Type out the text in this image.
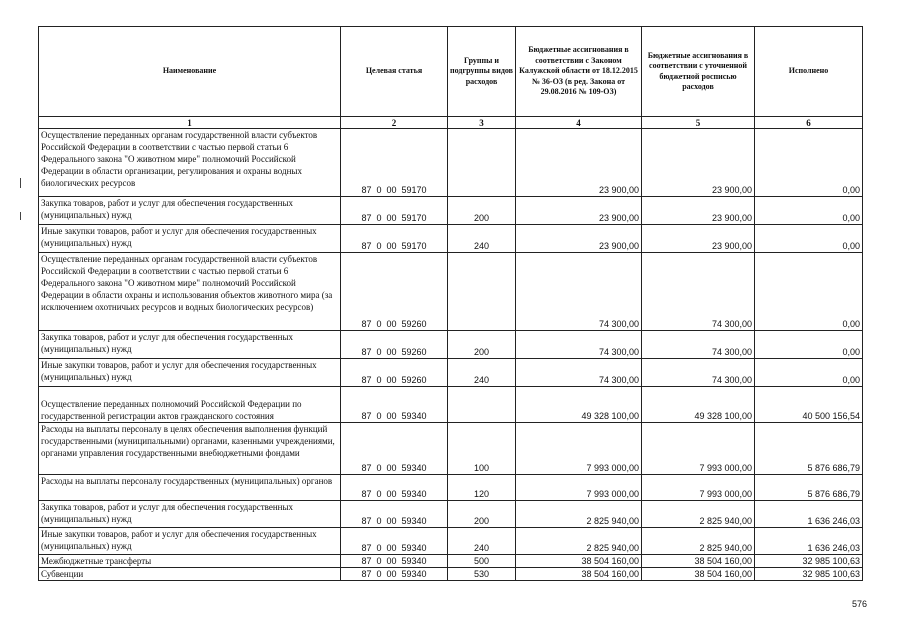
Наименование	Целевая статья	Группы и подгруппы видов расходов	Бюджетные ассигнования в соответствии с Законом Калужской области от 18.12.2015 № 36-ОЗ (в ред. Закона от 29.08.2016 № 109-ОЗ)	Бюджетные ассигнования в соответствии с уточненной бюджетной росписью расходов	Исполнено
1	2	3	4	5	6
Осуществление переданных органам государственной власти субъектов Российской Федерации в соответствии с частью первой статьи 6 Федерального закона "О животном мире" полномочий Российской Федерации в области организации, регулирования и охраны водных биологических ресурсов	87  0  00  59170		23 900,00	23 900,00	0,00
Закупка товаров, работ и услуг для обеспечения государственных (муниципальных) нужд	87  0  00  59170	200	23 900,00	23 900,00	0,00
Иные закупки товаров, работ и услуг для обеспечения государственных (муниципальных) нужд	87  0  00  59170	240	23 900,00	23 900,00	0,00
Осуществление переданных органам государственной власти субъектов Российской Федерации в соответствии с частью первой статьи 6 Федерального закона "О животном мире" полномочий Российской Федерации в области охраны и использования объектов животного мира (за исключением охотничьих ресурсов и водных биологических ресурсов)	87  0  00  59260		74 300,00	74 300,00	0,00
Закупка товаров, работ и услуг для обеспечения государственных (муниципальных) нужд	87  0  00  59260	200	74 300,00	74 300,00	0,00
Иные закупки товаров, работ и услуг для обеспечения государственных (муниципальных) нужд	87  0  00  59260	240	74 300,00	74 300,00	0,00
Осуществление переданных полномочий Российской Федерации по государственной регистрации актов гражданского состояния	87  0  00  59340		49 328 100,00	49 328 100,00	40 500 156,54
Расходы на выплаты персоналу в целях обеспечения выполнения функций государственными (муниципальными) органами, казенными учреждениями, органами управления государственными внебюджетными фондами	87  0  00  59340	100	7 993 000,00	7 993 000,00	5 876 686,79
Расходы на выплаты персоналу государственных (муниципальных) органов	87  0  00  59340	120	7 993 000,00	7 993 000,00	5 876 686,79
Закупка товаров, работ и услуг для обеспечения государственных (муниципальных) нужд	87  0  00  59340	200	2 825 940,00	2 825 940,00	1 636 246,03
Иные закупки товаров, работ и услуг для обеспечения государственных (муниципальных) нужд	87  0  00  59340	240	2 825 940,00	2 825 940,00	1 636 246,03
Межбюджетные трансферты	87  0  00  59340	500	38 504 160,00	38 504 160,00	32 985 100,63
Субвенции	87  0  00  59340	530	38 504 160,00	38 504 160,00	32 985 100,63
576
